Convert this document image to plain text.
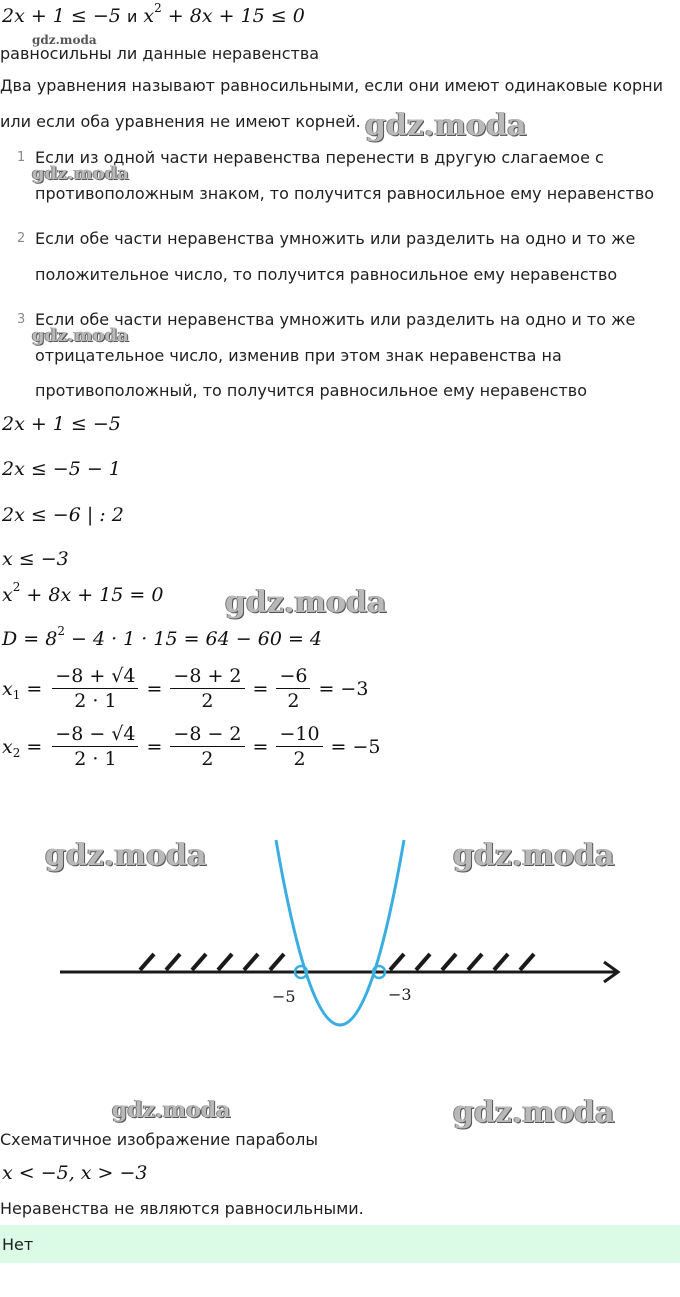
2x + 1 ≤ −5 и $x^2 + 8x + 15 \le 0$
gdz.moda
равносильны ли данные неравенства
Два уравнения называют равносильными, если они имеют одинаковые корни
или если оба уравнения не имеют корней. gdz.moda
1 Если из одной части неравенства перенести в другую слагаемое с
gdz.moda
противоположным знаком, то получится равносильное ему неравенство
2 Если обе части неравенства умножить или разделить на одно и то же
положительное число, то получится равносильное ему неравенство
3 Если обе части неравенства умножить или разделить на одно и то же
gdz.moda
отрицательное число, изменив при этом знак неравенства на
противоположный, то получится равносильное ему неравенство
2x + 1 ≤ −5
2x ≤ −5 − 1
2x ≤ −6 | : 2
x ≤ −3
$x^2 + 8x + 15 = 0$ gdz.moda
$D = 8^2 - 4 \cdot 1 \cdot 15 = 64 - 60 = 4$
$x_1 = \frac{-8 + √4}{2 \cdot 1} = \frac{-8 + 2}{2} = \frac{-6}{2} = -3$
$x_2 = \frac{-8 - √4}{2 \cdot 1} = \frac{-8 - 2}{2} = \frac{-10}{2} = -5$
gdz.moda	gdz.moda
−5	−3
gdz.moda	gdz.moda
Схематичное изображение параболы
x < −5, x > −3
Неравенства не являются равносильными.
Нет
